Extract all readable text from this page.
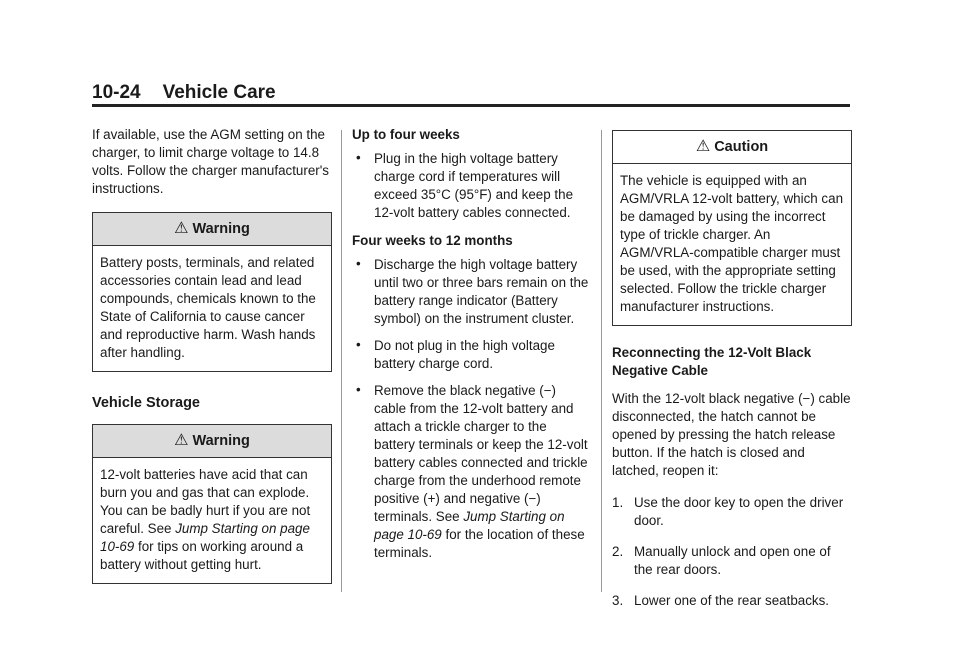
10-24 Vehicle Care

If available, use the AGM setting on the charger, to limit charge voltage to 14.8 volts. Follow the charger manufacturer's instructions.

⚠ Warning
Battery posts, terminals, and related accessories contain lead and lead compounds, chemicals known to the State of California to cause cancer and reproductive harm. Wash hands after handling.
Vehicle Storage
⚠ Warning
12-volt batteries have acid that can burn you and gas that can explode. You can be badly hurt if you are not careful. See Jump Starting on page 10-69 for tips on working around a battery without getting hurt.
Up to four weeks
• Plug in the high voltage battery charge cord if temperatures will exceed 35°C (95°F) and keep the 12-volt battery cables connected.
Four weeks to 12 months
• Discharge the high voltage battery until two or three bars remain on the battery range indicator (Battery symbol) on the instrument cluster.
• Do not plug in the high voltage battery charge cord.
• Remove the black negative (−) cable from the 12-volt battery and attach a trickle charger to the battery terminals or keep the 12-volt battery cables connected and trickle charge from the underhood remote positive (+) and negative (−) terminals. See Jump Starting on page 10-69 for the location of these terminals.
⚠ Caution
The vehicle is equipped with an AGM/VRLA 12-volt battery, which can be damaged by using the incorrect type of trickle charger. An AGM/VRLA-compatible charger must be used, with the appropriate setting selected. Follow the trickle charger manufacturer instructions.
Reconnecting the 12-Volt Black Negative Cable

With the 12-volt black negative (−) cable disconnected, the hatch cannot be opened by pressing the hatch release button. If the hatch is closed and latched, reopen it:

1. Use the door key to open the driver door.
2. Manually unlock and open one of the rear doors.
3. Lower one of the rear seatbacks.
